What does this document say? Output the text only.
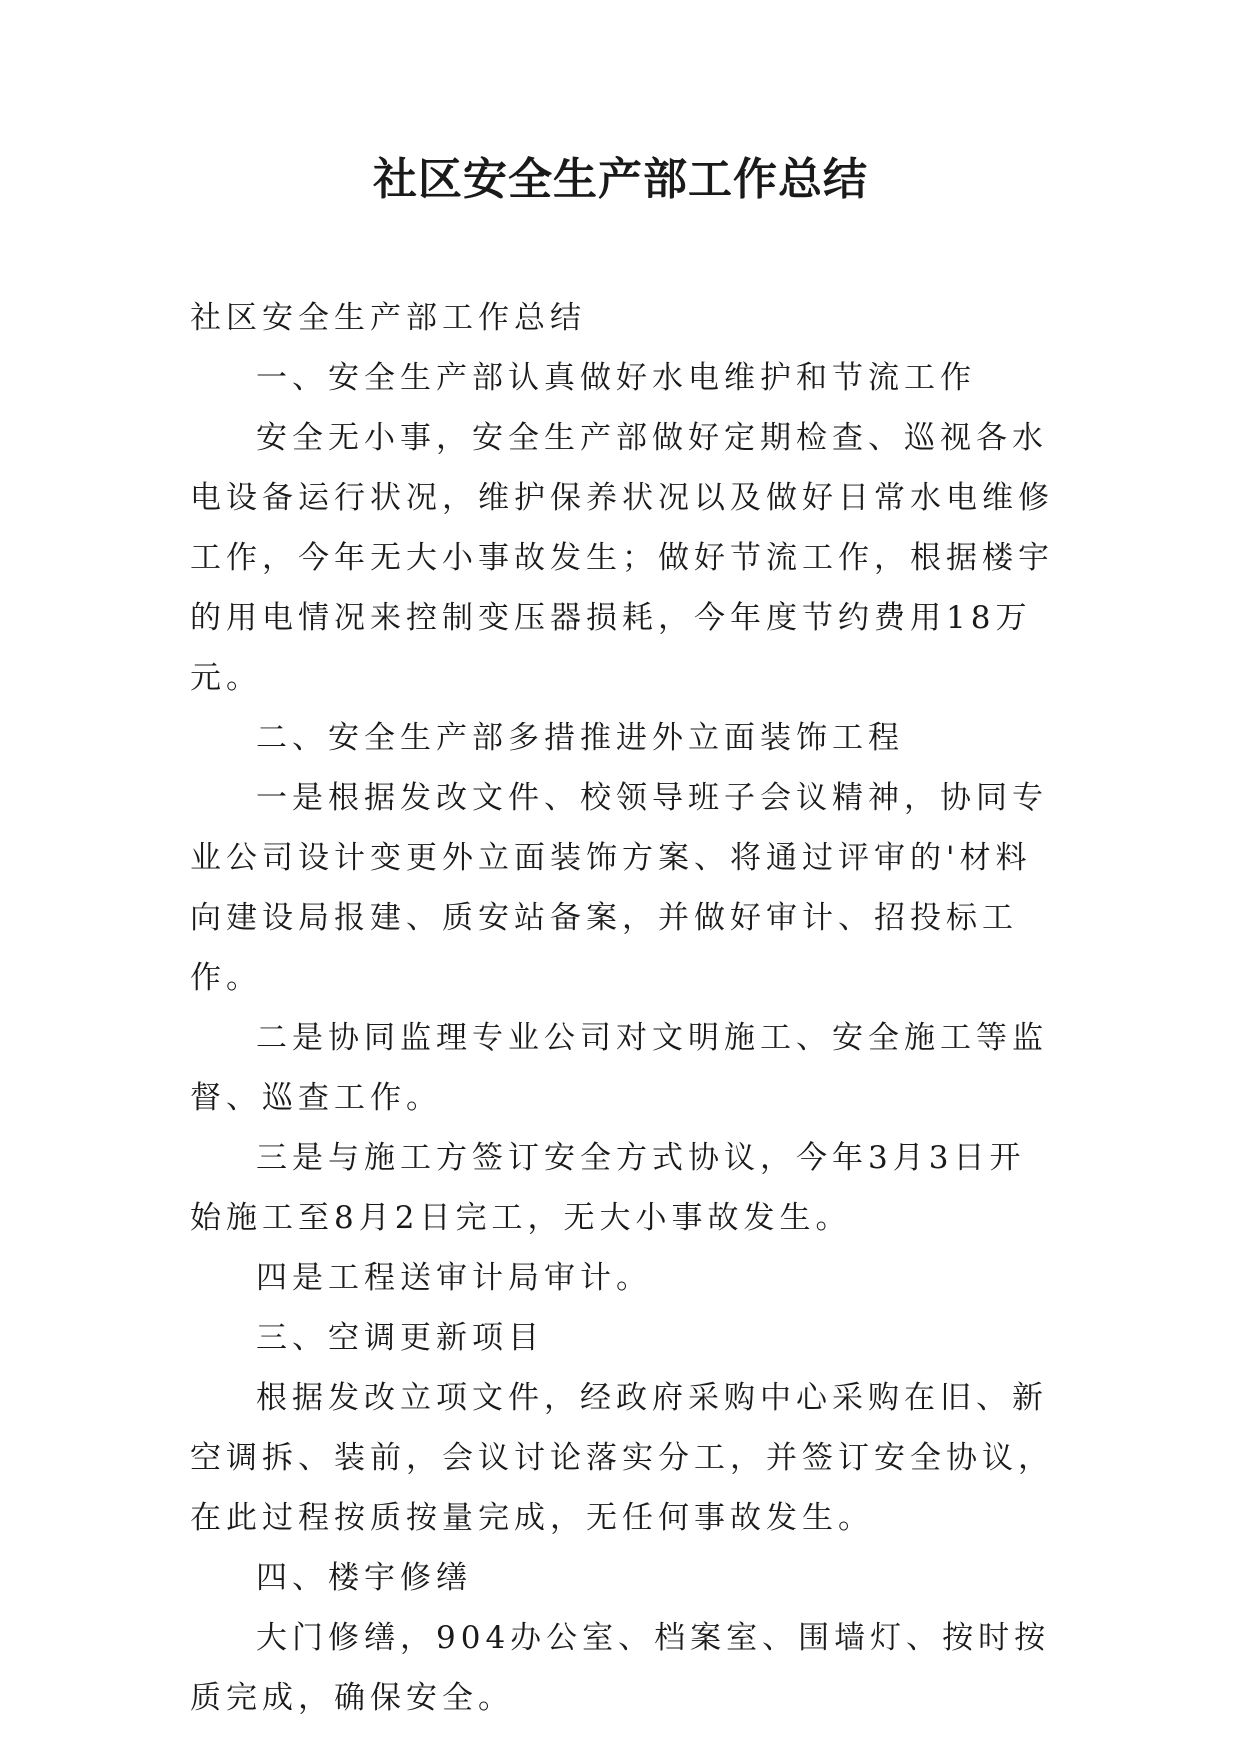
社区安全生产部工作总结

社区安全生产部工作总结

一、安全生产部认真做好水电维护和节流工作

安全无小事，安全生产部做好定期检查、巡视各水电设备运行状况，维护保养状况以及做好日常水电维修工作，今年无大小事故发生；做好节流工作，根据楼宇的用电情况来控制变压器损耗，今年度节约费用18万元。

二、安全生产部多措推进外立面装饰工程

一是根据发改文件、校领导班子会议精神，协同专业公司设计变更外立面装饰方案、将通过评审的'材料向建设局报建、质安站备案，并做好审计、招投标工作。

二是协同监理专业公司对文明施工、安全施工等监督、巡查工作。

三是与施工方签订安全方式协议，今年3月3日开始施工至8月2日完工，无大小事故发生。

四是工程送审计局审计。

三、空调更新项目

根据发改立项文件，经政府采购中心采购在旧、新空调拆、装前，会议讨论落实分工，并签订安全协议，在此过程按质按量完成，无任何事故发生。

四、楼宇修缮

大门修缮，904办公室、档案室、围墙灯、按时按质完成，确保安全。
